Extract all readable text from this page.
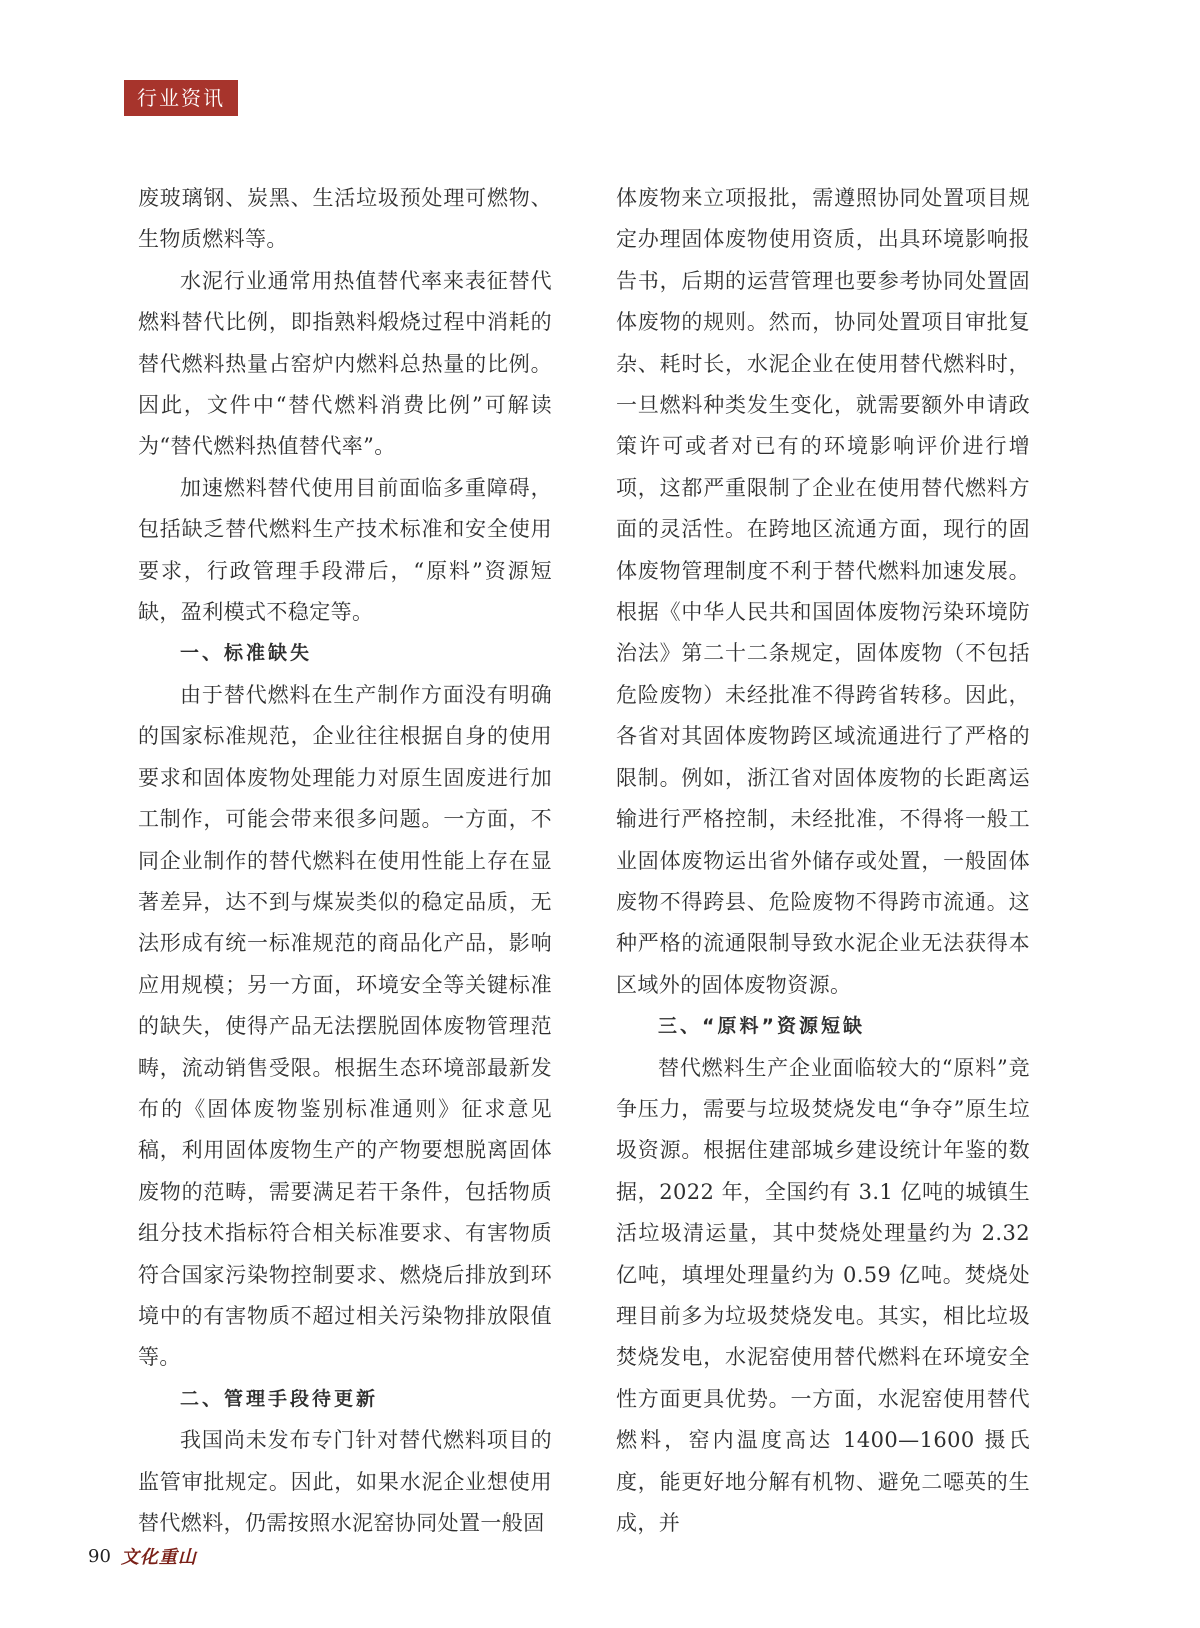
行业资讯

废玻璃钢、炭黑、生活垃圾预处理可燃物、生物质燃料等。

水泥行业通常用热值替代率来表征替代燃料替代比例，即指熟料煅烧过程中消耗的替代燃料热量占窑炉内燃料总热量的比例。因此，文件中“替代燃料消费比例”可解读为“替代燃料热值替代率”。

加速燃料替代使用目前面临多重障碍，包括缺乏替代燃料生产技术标准和安全使用要求，行政管理手段滞后，“原料”资源短缺，盈利模式不稳定等。

一、标准缺失

由于替代燃料在生产制作方面没有明确的国家标准规范，企业往往根据自身的使用要求和固体废物处理能力对原生固废进行加工制作，可能会带来很多问题。一方面，不同企业制作的替代燃料在使用性能上存在显著差异，达不到与煤炭类似的稳定品质，无法形成有统一标准规范的商品化产品，影响应用规模；另一方面，环境安全等关键标准的缺失，使得产品无法摆脱固体废物管理范畴，流动销售受限。根据生态环境部最新发布的《固体废物鉴别标准通则》征求意见稿，利用固体废物生产的产物要想脱离固体废物的范畴，需要满足若干条件，包括物质组分技术指标符合相关标准要求、有害物质符合国家污染物控制要求、燃烧后排放到环境中的有害物质不超过相关污染物排放限值等。

二、管理手段待更新

我国尚未发布专门针对替代燃料项目的监管审批规定。因此，如果水泥企业想使用替代燃料，仍需按照水泥窑协同处置一般固

体废物来立项报批，需遵照协同处置项目规定办理固体废物使用资质，出具环境影响报告书，后期的运营管理也要参考协同处置固体废物的规则。然而，协同处置项目审批复杂、耗时长，水泥企业在使用替代燃料时，一旦燃料种类发生变化，就需要额外申请政策许可或者对已有的环境影响评价进行增项，这都严重限制了企业在使用替代燃料方面的灵活性。在跨地区流通方面，现行的固体废物管理制度不利于替代燃料加速发展。根据《中华人民共和国固体废物污染环境防治法》第二十二条规定，固体废物（不包括危险废物）未经批准不得跨省转移。因此，各省对其固体废物跨区域流通进行了严格的限制。例如，浙江省对固体废物的长距离运输进行严格控制，未经批准，不得将一般工业固体废物运出省外储存或处置，一般固体废物不得跨县、危险废物不得跨市流通。这种严格的流通限制导致水泥企业无法获得本区域外的固体废物资源。

三、“原料”资源短缺

替代燃料生产企业面临较大的“原料”竞争压力，需要与垃圾焚烧发电“争夺”原生垃圾资源。根据住建部城乡建设统计年鉴的数据，2022 年，全国约有 3.1 亿吨的城镇生活垃圾清运量，其中焚烧处理量约为 2.32 亿吨，填埋处理量约为 0.59 亿吨。焚烧处理目前多为垃圾焚烧发电。其实，相比垃圾焚烧发电，水泥窑使用替代燃料在环境安全性方面更具优势。一方面，水泥窑使用替代燃料，窑内温度高达 1400—1600 摄氏度，能更好地分解有机物、避免二噁英的生成，并

90 文化重山
